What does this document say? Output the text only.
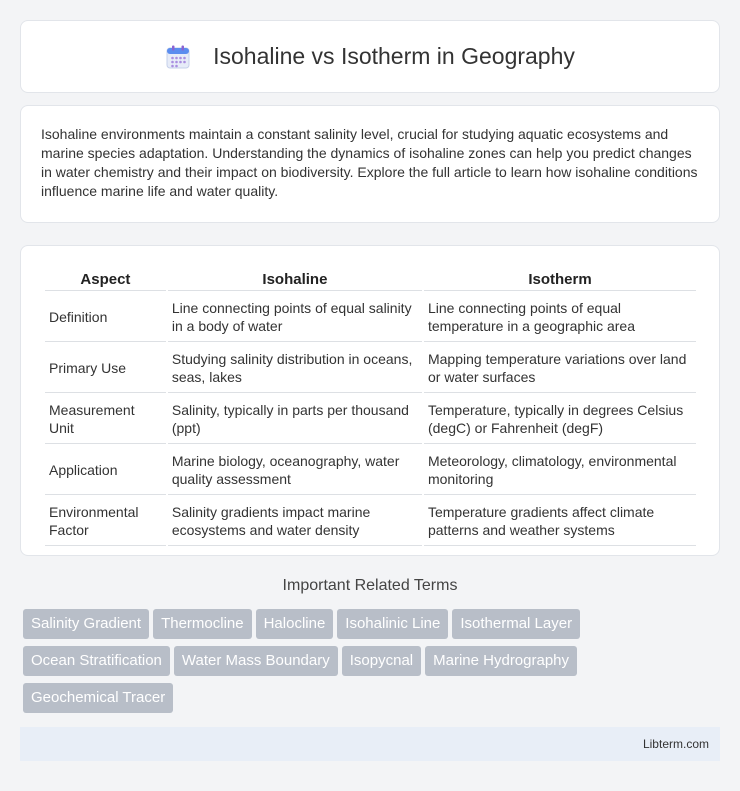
Isohaline vs Isotherm in Geography

Isohaline environments maintain a constant salinity level, crucial for studying aquatic ecosystems and marine species adaptation. Understanding the dynamics of isohaline zones can help you predict changes in water chemistry and their impact on biodiversity. Explore the full article to learn how isohaline conditions influence marine life and water quality.

Aspect	Isohaline	Isotherm
Definition	Line connecting points of equal salinity in a body of water	Line connecting points of equal temperature in a geographic area
Primary Use	Studying salinity distribution in oceans, seas, lakes	Mapping temperature variations over land or water surfaces
Measurement Unit	Salinity, typically in parts per thousand (ppt)	Temperature, typically in degrees Celsius (degC) or Fahrenheit (degF)
Application	Marine biology, oceanography, water quality assessment	Meteorology, climatology, environmental monitoring
Environmental Factor	Salinity gradients impact marine ecosystems and water density	Temperature gradients affect climate patterns and weather systems
Important Related Terms
Salinity Gradient Thermocline Halocline Isohalinic Line Isothermal Layer
Ocean Stratification Water Mass Boundary Isopycnal Marine Hydrography
Geochemical Tracer
Libterm.com
